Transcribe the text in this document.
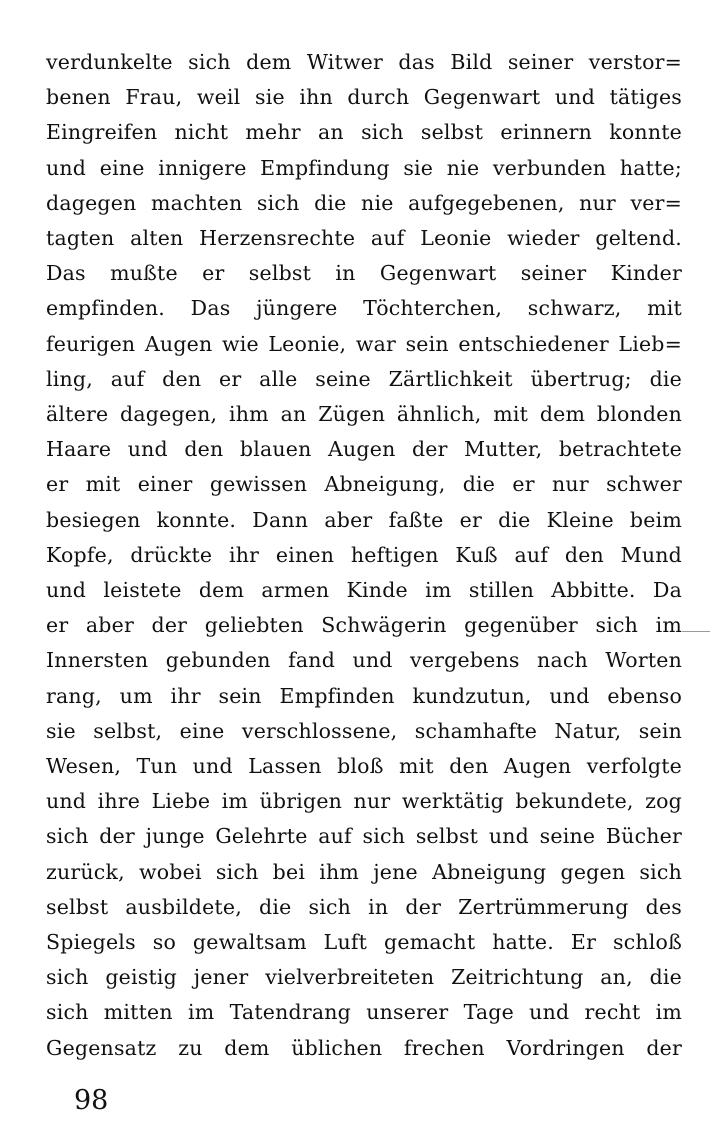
verdunkelte sich dem Witwer das Bild seiner verstor=
benen Frau, weil sie ihn durch Gegenwart und tätiges
Eingreifen nicht mehr an sich selbst erinnern konnte
und eine innigere Empfindung sie nie verbunden hatte;
dagegen machten sich die nie aufgegebenen, nur ver=
tagten alten Herzensrechte auf Leonie wieder geltend.
Das mußte er selbst in Gegenwart seiner Kinder
empfinden. Das jüngere Töchterchen, schwarz, mit
feurigen Augen wie Leonie, war sein entschiedener Lieb=
ling, auf den er alle seine Zärtlichkeit übertrug; die
ältere dagegen, ihm an Zügen ähnlich, mit dem blonden
Haare und den blauen Augen der Mutter, betrachtete
er mit einer gewissen Abneigung, die er nur schwer
besiegen konnte. Dann aber faßte er die Kleine beim
Kopfe, drückte ihr einen heftigen Kuß auf den Mund
und leistete dem armen Kinde im stillen Abbitte. Da
er aber der geliebten Schwägerin gegenüber sich im
Innersten gebunden fand und vergebens nach Worten
rang, um ihr sein Empfinden kundzutun, und ebenso
sie selbst, eine verschlossene, schamhafte Natur, sein
Wesen, Tun und Lassen bloß mit den Augen verfolgte
und ihre Liebe im übrigen nur werktätig bekundete, zog
sich der junge Gelehrte auf sich selbst und seine Bücher
zurück, wobei sich bei ihm jene Abneigung gegen sich
selbst ausbildete, die sich in der Zertrümmerung des
Spiegels so gewaltsam Luft gemacht hatte. Er schloß
sich geistig jener vielverbreiteten Zeitrichtung an, die
sich mitten im Tatendrang unserer Tage und recht im
Gegensatz zu dem üblichen frechen Vordringen der
98
